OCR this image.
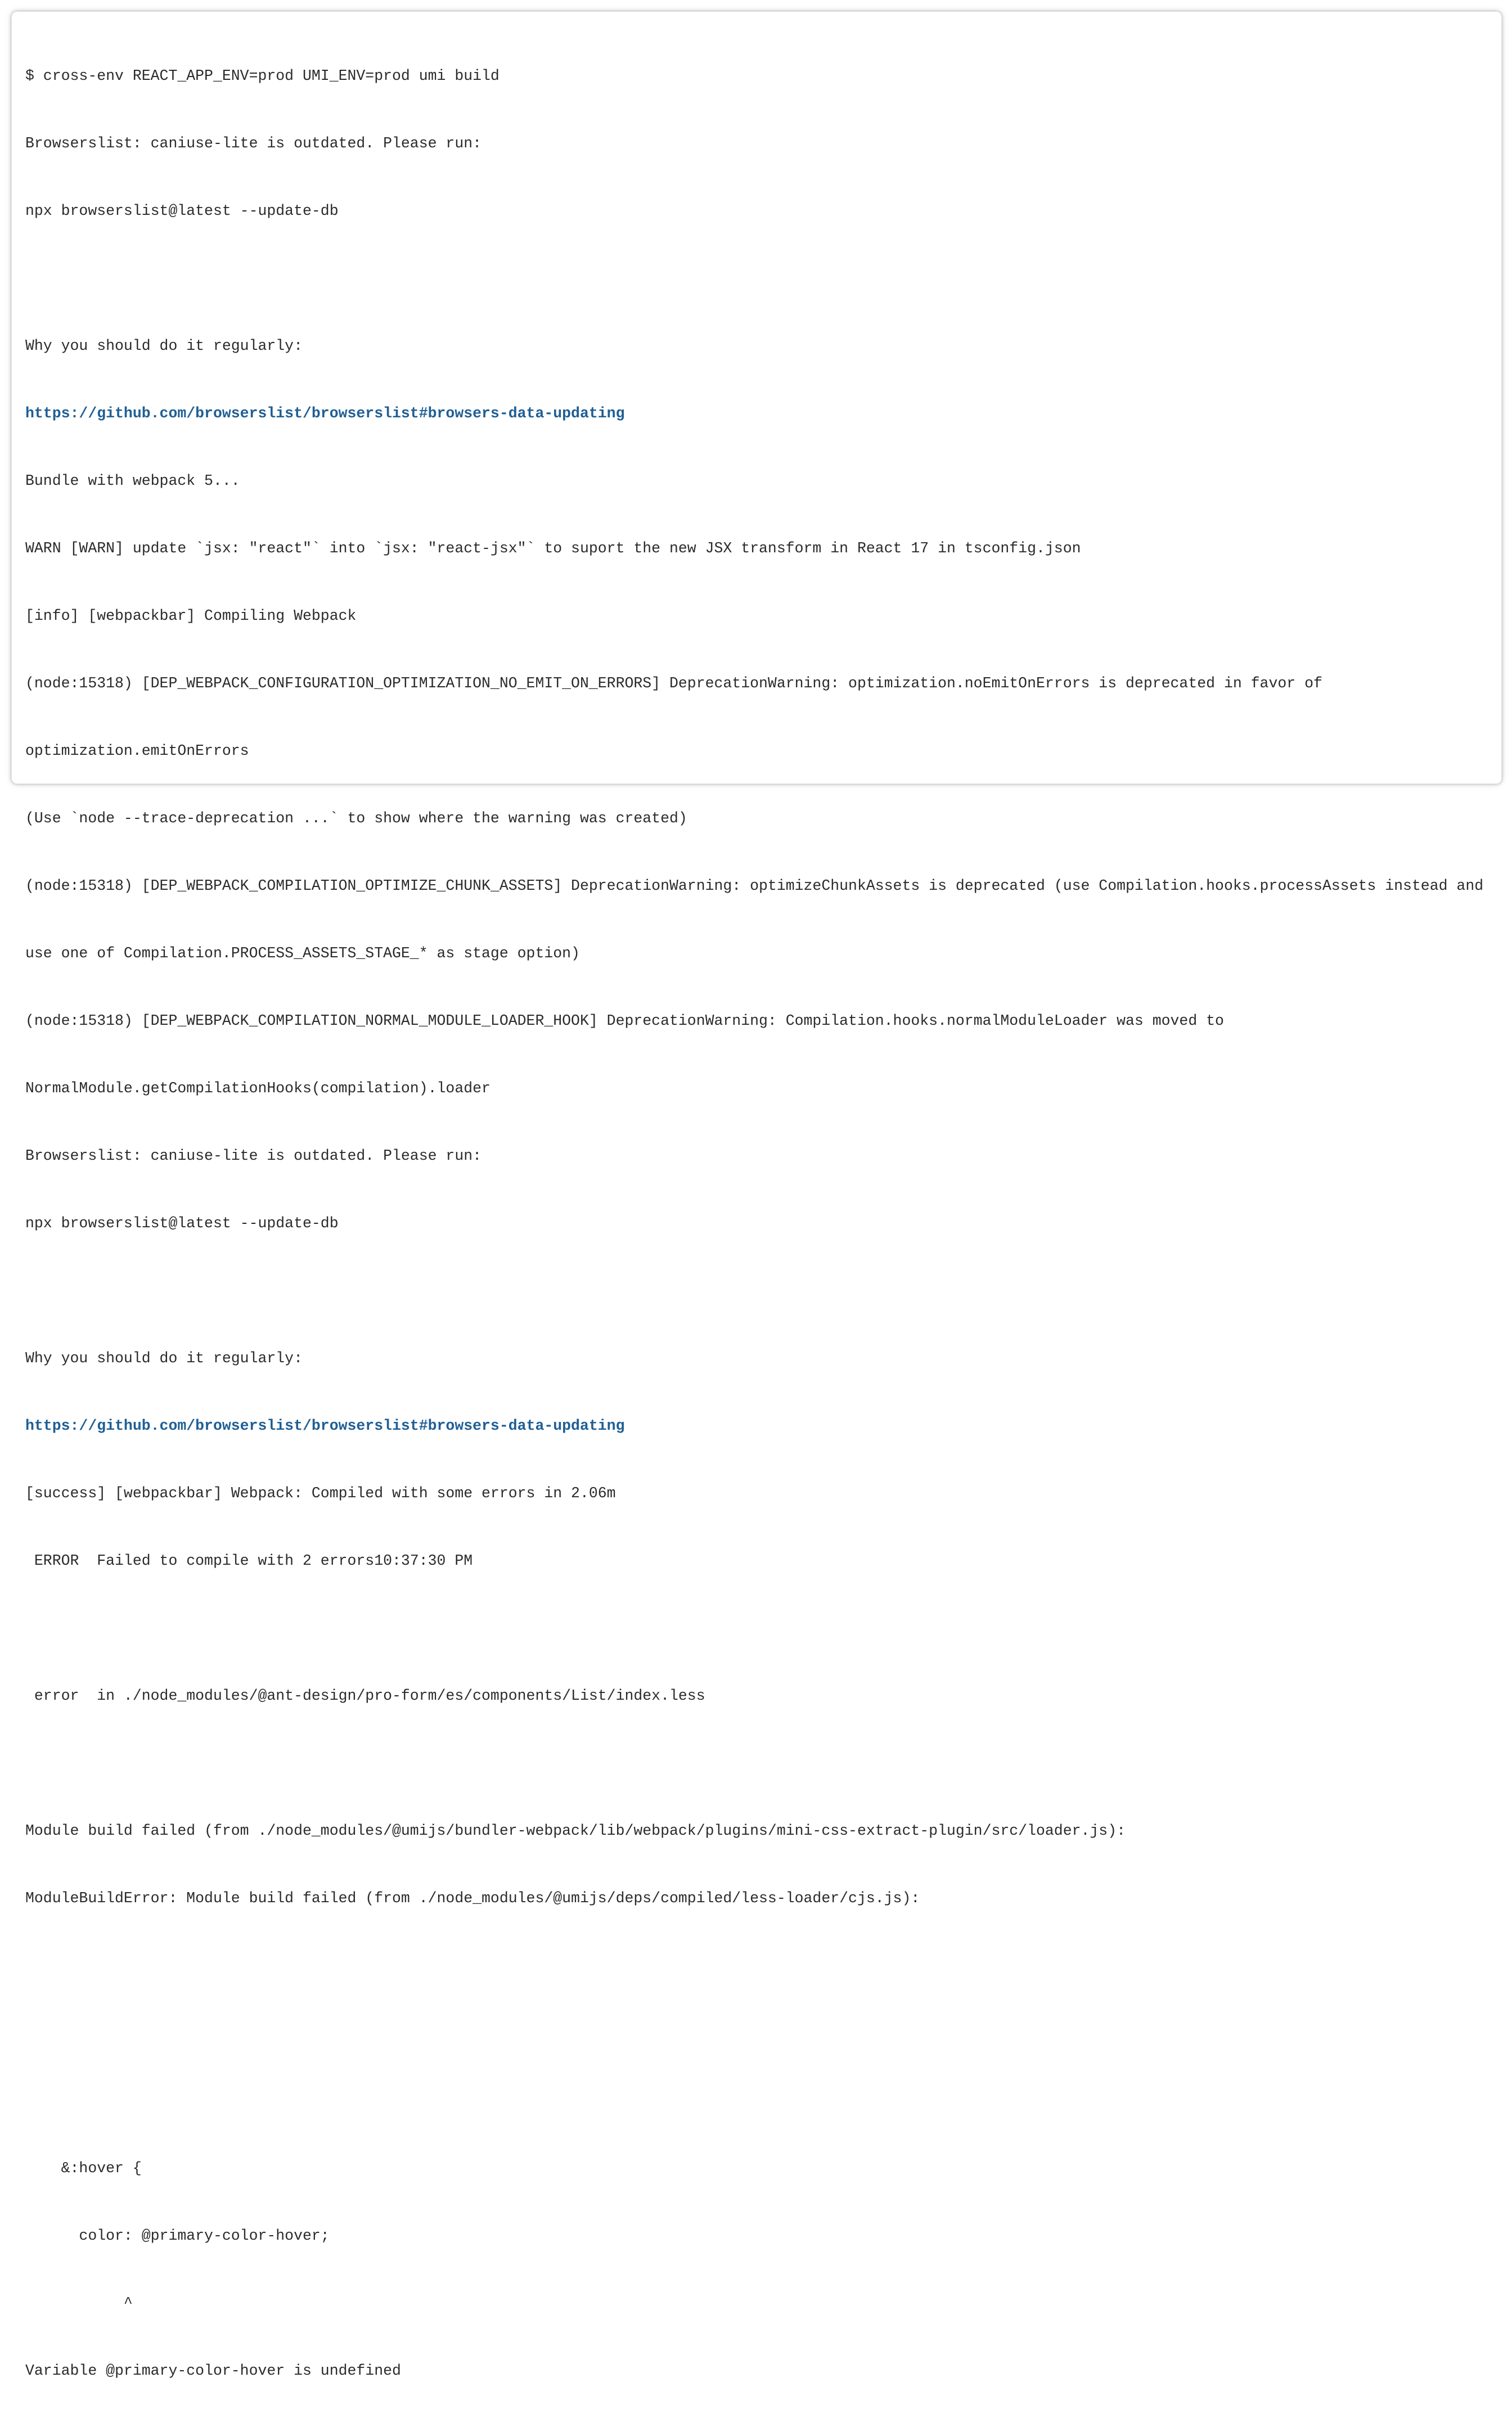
$ cross-env REACT_APP_ENV=prod UMI_ENV=prod umi build

Browserslist: caniuse-lite is outdated. Please run:

npx browserslist@latest --update-db

Why you should do it regularly:

https://github.com/browserslist/browserslist#browsers-data-updating

Bundle with webpack 5...

WARN [WARN] update `jsx: "react"` into `jsx: "react-jsx"` to suport the new JSX transform in React 17 in tsconfig.json

[info] [webpackbar] Compiling Webpack

(node:15318) [DEP_WEBPACK_CONFIGURATION_OPTIMIZATION_NO_EMIT_ON_ERRORS] DeprecationWarning: optimization.noEmitOnErrors is deprecated in favor of

optimization.emitOnErrors

(Use `node --trace-deprecation ...` to show where the warning was created)

(node:15318) [DEP_WEBPACK_COMPILATION_OPTIMIZE_CHUNK_ASSETS] DeprecationWarning: optimizeChunkAssets is deprecated (use Compilation.hooks.processAssets instead and

use one of Compilation.PROCESS_ASSETS_STAGE_* as stage option)

(node:15318) [DEP_WEBPACK_COMPILATION_NORMAL_MODULE_LOADER_HOOK] DeprecationWarning: Compilation.hooks.normalModuleLoader was moved to

NormalModule.getCompilationHooks(compilation).loader

Browserslist: caniuse-lite is outdated. Please run:

npx browserslist@latest --update-db

Why you should do it regularly:

https://github.com/browserslist/browserslist#browsers-data-updating

[success] [webpackbar] Webpack: Compiled with some errors in 2.06m

ERROR  Failed to compile with 2 errors10:37:30 PM

error  in ./node_modules/@ant-design/pro-form/es/components/List/index.less

Module build failed (from ./node_modules/@umijs/bundler-webpack/lib/webpack/plugins/mini-css-extract-plugin/src/loader.js):

ModuleBuildError: Module build failed (from ./node_modules/@umijs/deps/compiled/less-loader/cjs.js):

&:hover {

color: @primary-color-hover;

^

Variable @primary-color-hover is undefined
